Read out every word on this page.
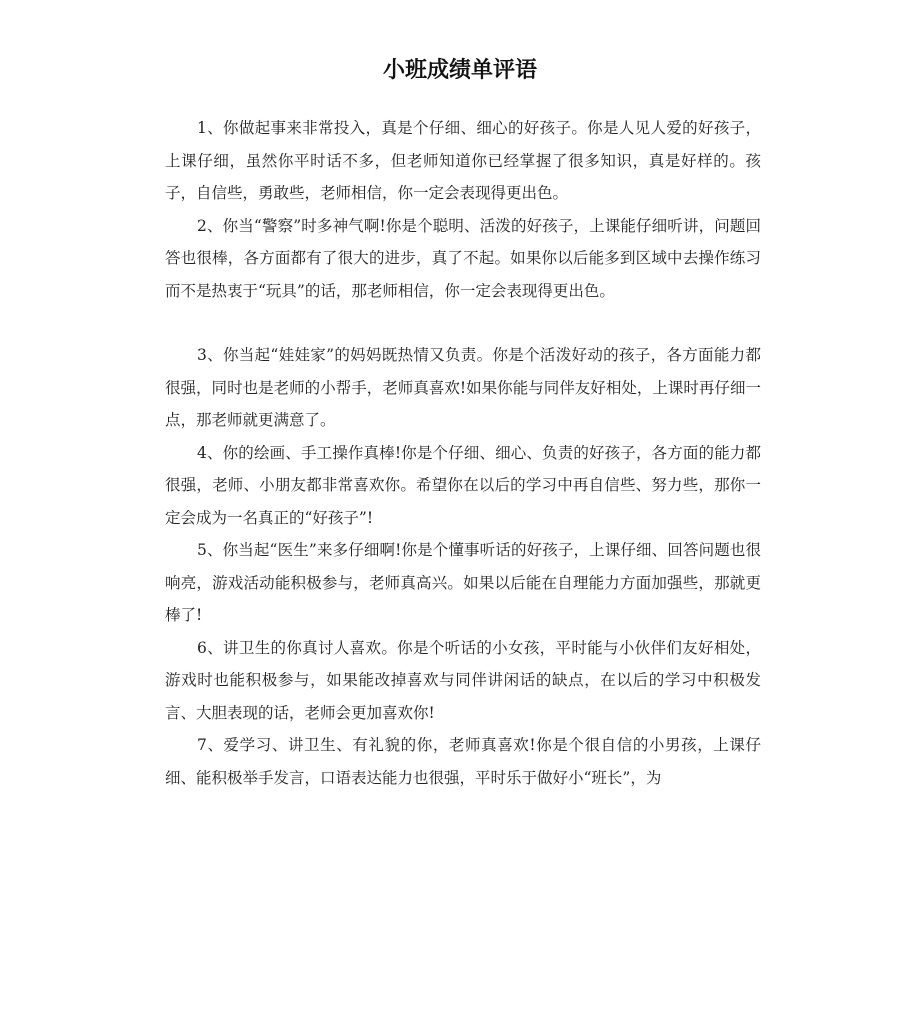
小班成绩单评语

1、你做起事来非常投入，真是个仔细、细心的好孩子。你是人见人爱的好孩子，上课仔细，虽然你平时话不多，但老师知道你已经掌握了很多知识，真是好样的。孩子，自信些，勇敢些，老师相信，你一定会表现得更出色。

2、你当“警察”时多神气啊!你是个聪明、活泼的好孩子，上课能仔细听讲，问题回答也很棒，各方面都有了很大的进步，真了不起。如果你以后能多到区域中去操作练习而不是热衷于“玩具”的话，那老师相信，你一定会表现得更出色。

3、你当起“娃娃家”的妈妈既热情又负责。你是个活泼好动的孩子，各方面能力都很强，同时也是老师的小帮手，老师真喜欢!如果你能与同伴友好相处，上课时再仔细一点，那老师就更满意了。

4、你的绘画、手工操作真棒!你是个仔细、细心、负责的好孩子，各方面的能力都很强，老师、小朋友都非常喜欢你。希望你在以后的学习中再自信些、努力些，那你一定会成为一名真正的“好孩子”!

5、你当起“医生”来多仔细啊!你是个懂事听话的好孩子，上课仔细、回答问题也很响亮，游戏活动能积极参与，老师真高兴。如果以后能在自理能力方面加强些，那就更棒了!

6、讲卫生的你真讨人喜欢。你是个听话的小女孩，平时能与小伙伴们友好相处，游戏时也能积极参与，如果能改掉喜欢与同伴讲闲话的缺点，在以后的学习中积极发言、大胆表现的话，老师会更加喜欢你!

7、爱学习、讲卫生、有礼貌的你，老师真喜欢!你是个很自信的小男孩，上课仔细、能积极举手发言，口语表达能力也很强，平时乐于做好小“班长”，为
